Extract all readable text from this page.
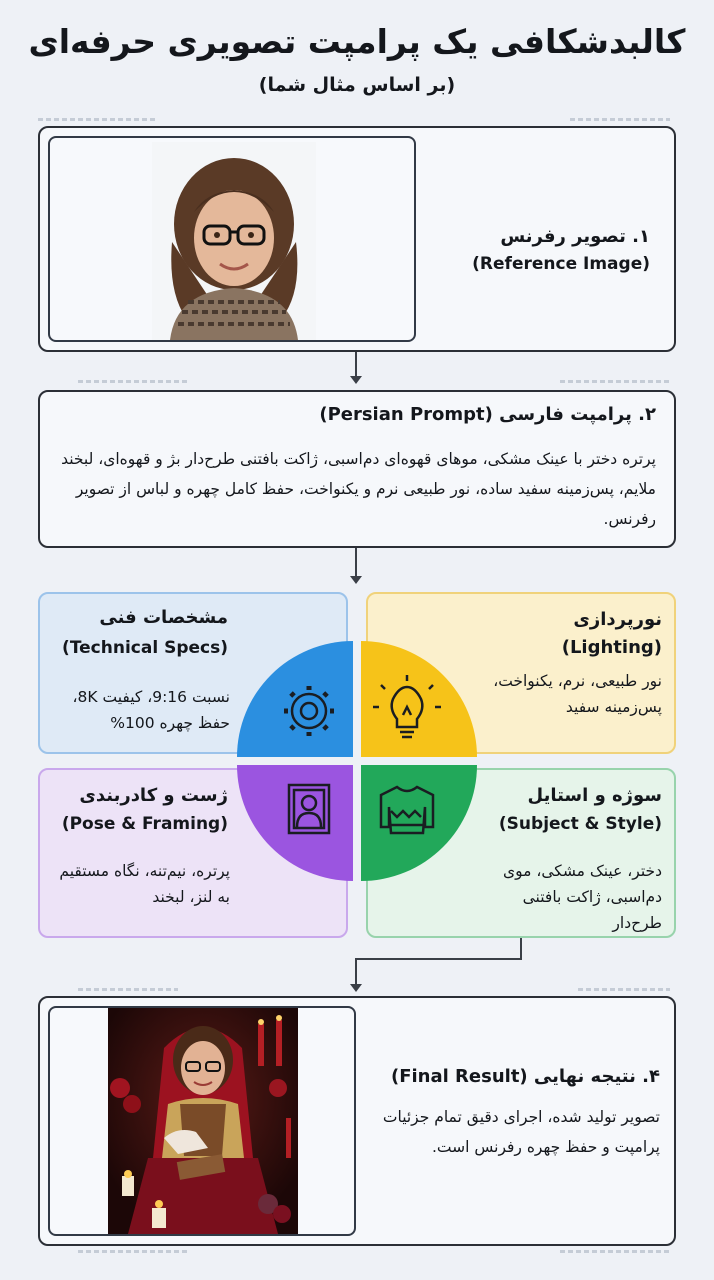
کالبدشکافی یک پرامپت تصویری حرفه‌ای
(بر اساس مثال شما)
۱. تصویر رفرنس
(Reference Image)
۲. پرامپت فارسی (Persian Prompt)
پرتره دختر با عینک مشکی، موهای قهوه‌ای دم‌اسبی، ژاکت بافتنی طرح‌دار بژ و قهوه‌ای، لبخند ملایم، پس‌زمینه سفید ساده، نور طبیعی نرم و یکنواخت، حفظ کامل چهره و لباس از تصویر رفرنس.
مشخصات فنی
(Technical Specs)
نسبت 9:16، کیفیت 8K، حفظ چهره 100%
نورپردازی (Lighting)
نور طبیعی، نرم، یکنواخت، پس‌زمینه سفید
ژست و کادربندی
(Pose & Framing)
پرتره، نیم‌تنه، نگاه مستقیم به لنز، لبخند
سوژه و استایل
(Subject & Style)
دختر، عینک مشکی، موی دم‌اسبی، ژاکت بافتنی طرح‌دار
۴. نتیجه نهایی (Final Result)
تصویر تولید شده، اجرای دقیق تمام جزئیات پرامپت و حفظ چهره رفرنس است.
